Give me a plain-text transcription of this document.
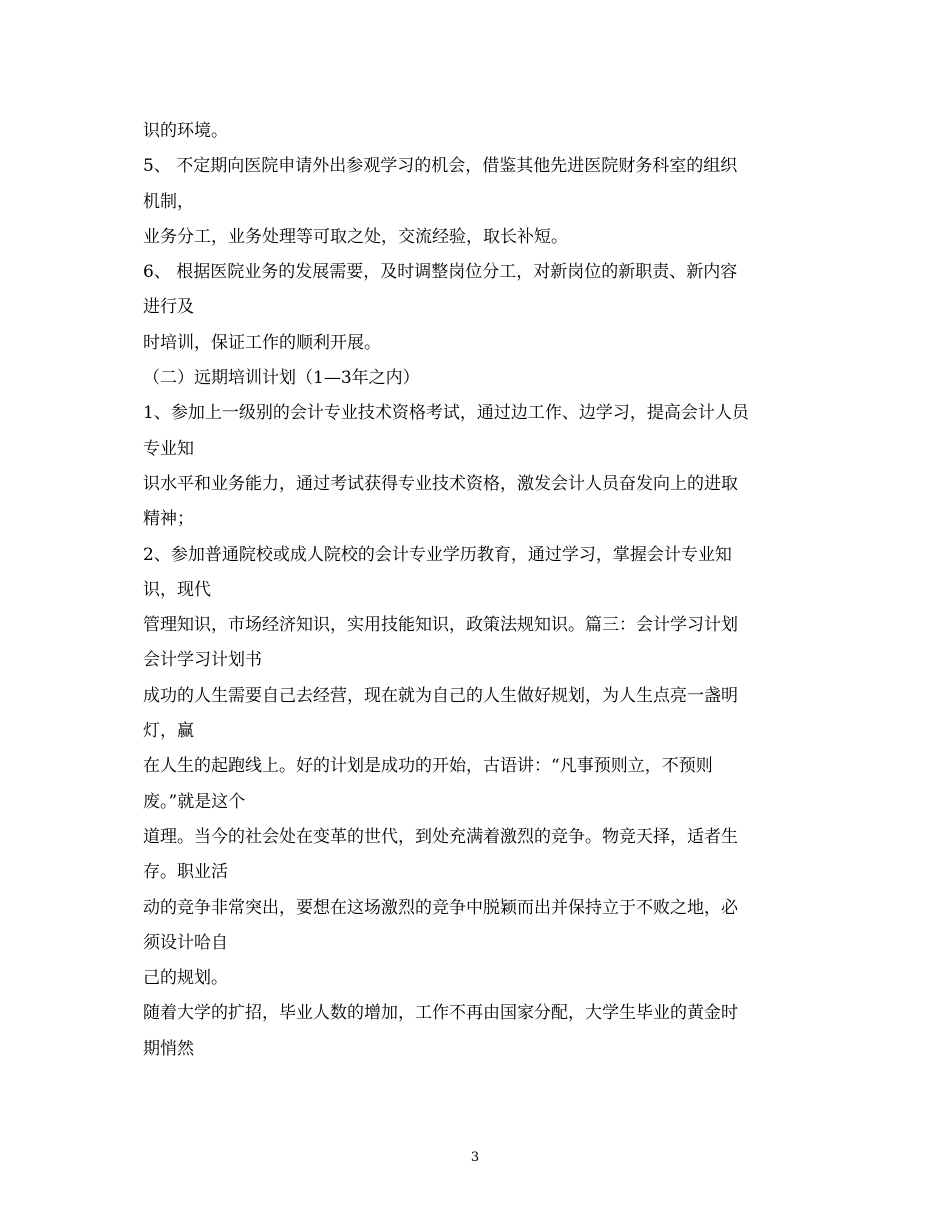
识的环境。
5、 不定期向医院申请外出参观学习的机会，借鉴其他先进医院财务科室的组织
机制，
业务分工，业务处理等可取之处，交流经验，取长补短。
6、 根据医院业务的发展需要，及时调整岗位分工，对新岗位的新职责、新内容
进行及
时培训，保证工作的顺利开展。
（二）远期培训计划（1—3年之内）
1、参加上一级别的会计专业技术资格考试，通过边工作、边学习，提高会计人员
专业知
识水平和业务能力，通过考试获得专业技术资格，激发会计人员奋发向上的进取
精神；
2、参加普通院校或成人院校的会计专业学历教育，通过学习，掌握会计专业知
识，现代
管理知识，市场经济知识，实用技能知识，政策法规知识。篇三：会计学习计划
会计学习计划书
成功的人生需要自己去经营，现在就为自己的人生做好规划，为人生点亮一盏明
灯，赢
在人生的起跑线上。好的计划是成功的开始，古语讲：“凡事预则立，不预则
废。”就是这个
道理。当今的社会处在变革的世代，到处充满着激烈的竞争。物竞天择，适者生
存。职业活
动的竞争非常突出，要想在这场激烈的竞争中脱颖而出并保持立于不败之地，必
须设计哈自
己的规划。
随着大学的扩招，毕业人数的增加，工作不再由国家分配，大学生毕业的黄金时
期悄然
3
